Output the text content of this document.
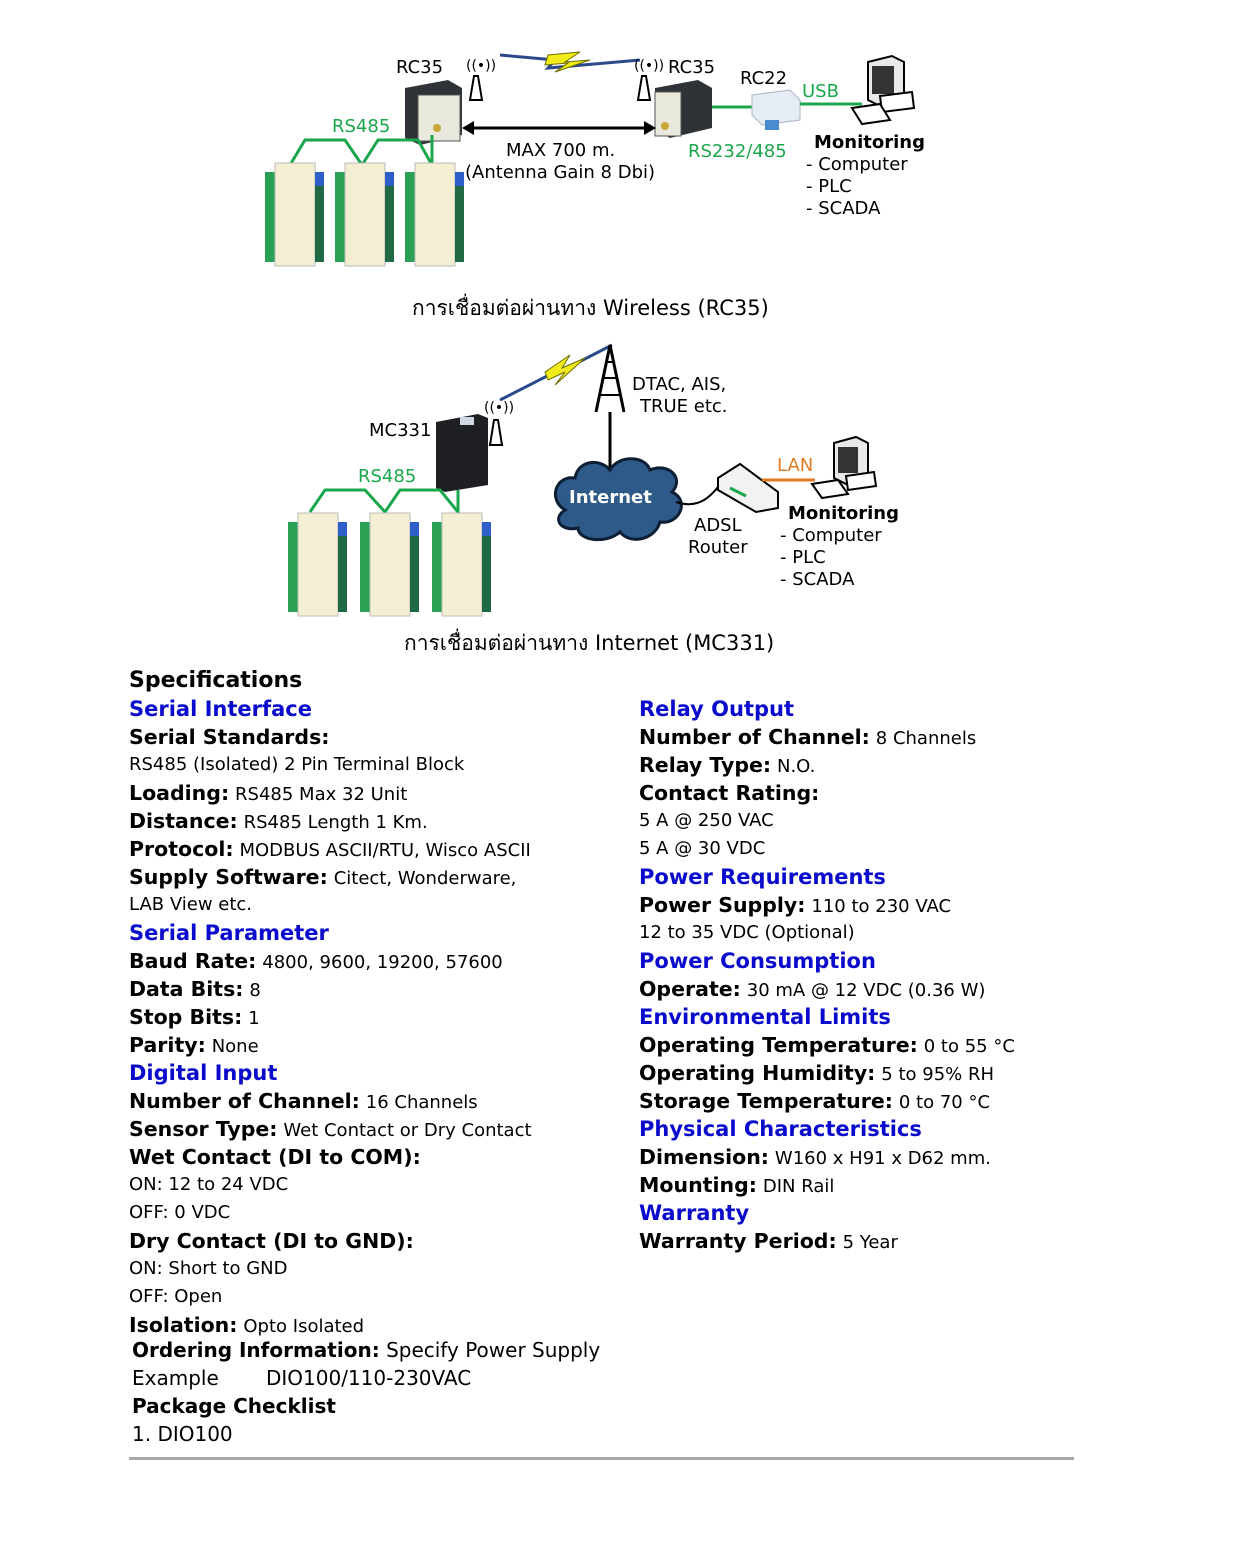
((•))	((•))
RC35	RC35
RC22
USB
RS485
RS232/485
MAX 700 m.
(Antenna Gain 8 Dbi)
Monitoring
- Computer
- PLC
- SCADA
การเชื่อมต่อผ่านทาง Wireless (RC35)
((•))
DTAC, AIS,
TRUE etc.
MC331
RS485
Internet
LAN
ADSL
Router
Monitoring
- Computer
- PLC
- SCADA
การเชื่อมต่อผ่านทาง Internet (MC331)
Specifications
Serial Interface
Serial Standards:
RS485 (Isolated) 2 Pin Terminal Block
Loading: RS485 Max 32 Unit
Distance: RS485 Length 1 Km.
Protocol: MODBUS ASCII/RTU, Wisco ASCII
Supply Software: Citect, Wonderware,
LAB View etc.
Serial Parameter
Baud Rate: 4800, 9600, 19200, 57600
Data Bits: 8
Stop Bits: 1
Parity: None
Digital Input
Number of Channel: 16 Channels
Sensor Type: Wet Contact or Dry Contact
Wet Contact (DI to COM):
ON: 12 to 24 VDC
OFF: 0 VDC
Dry Contact (DI to GND):
ON: Short to GND
OFF: Open
Isolation: Opto Isolated
Relay Output
Number of Channel: 8 Channels
Relay Type: N.O.
Contact Rating:
5 A @ 250 VAC
5 A @ 30 VDC
Power Requirements
Power Supply: 110 to 230 VAC
12 to 35 VDC (Optional)
Power Consumption
Operate: 30 mA @ 12 VDC (0.36 W)
Environmental Limits
Operating Temperature: 0 to 55 °C
Operating Humidity: 5 to 95% RH
Storage Temperature: 0 to 70 °C
Physical Characteristics
Dimension: W160 x H91 x D62 mm.
Mounting: DIN Rail
Warranty
Warranty Period: 5 Year
Ordering Information: Specify Power Supply
Example DIO100/110-230VAC
Package Checklist
1. DIO100
